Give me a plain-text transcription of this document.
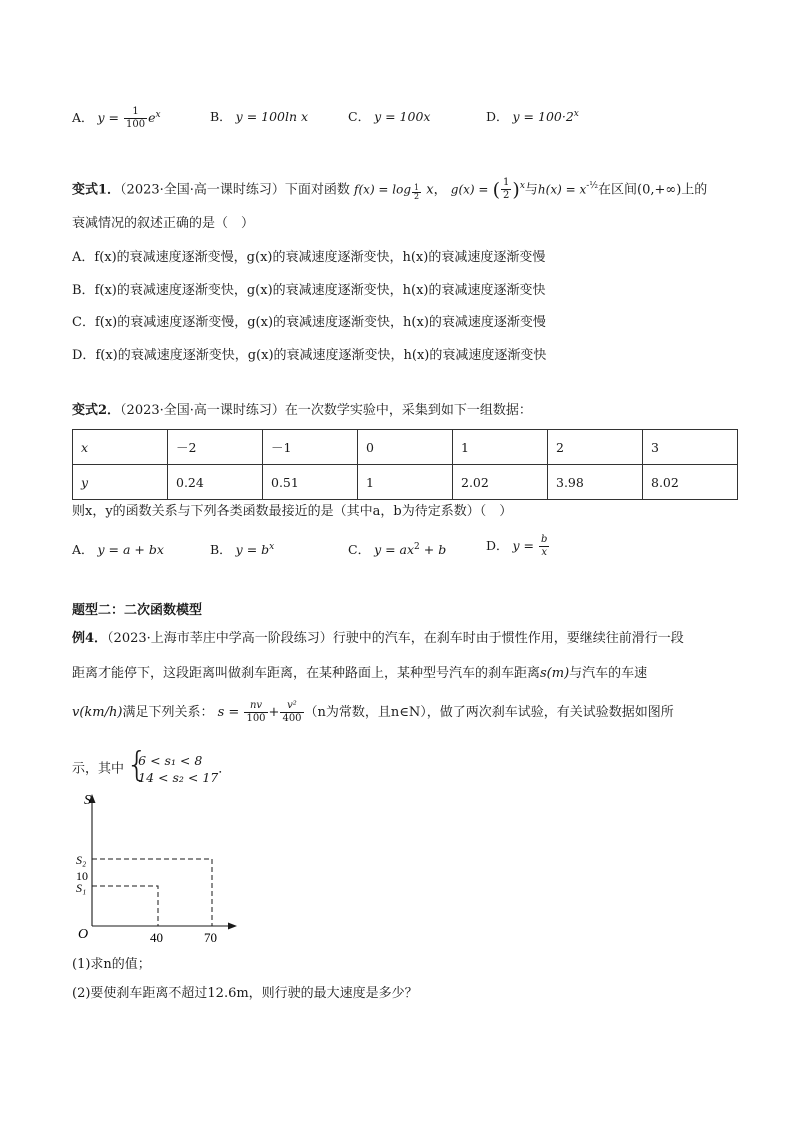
A． $y = \frac{1}{100} e^x$	B． y = 100ln x	C． y = 100x	D． $y = 100\cdot 2^x$
变式1．（2023·全国·高一课时练习）下面对函数 $f(x) = \log \frac{1}{2}$ x， g(x) = ( $\frac{1}{2} )^x$与$h(x) = x^{-\frac{1}{2}}$在区间(0,+∞)上的
衰减情况的叙述正确的是（　）
A．f(x)的衰减速度逐渐变慢，g(x)的衰减速度逐渐变快，h(x)的衰减速度逐渐变慢
B．f(x)的衰减速度逐渐变快，g(x)的衰减速度逐渐变快，h(x)的衰减速度逐渐变快
C．f(x)的衰减速度逐渐变慢，g(x)的衰减速度逐渐变快，h(x)的衰减速度逐渐变慢
D．f(x)的衰减速度逐渐变快，g(x)的衰减速度逐渐变快，h(x)的衰减速度逐渐变快
变式2．（2023·全国·高一课时练习）在一次数学实验中，采集到如下一组数据：
x	－2	－1	0	1	2	3
y	0.24	0.51	1	2.02	3.98	8.02
则x，y的函数关系与下列各类函数最接近的是（其中a，b为待定系数）（　）
A． y = a + bx	B． $y = b^x$	C． $y = ax^2 + b$	D． $y = \frac{b}{x}$
题型二：二次函数模型
例4．（2023·上海市莘庄中学高一阶段练习）行驶中的汽车，在刹车时由于惯性作用，要继续往前滑行一段
距离才能停下，这段距离叫做刹车距离，在某种路面上，某种型号汽车的刹车距离s(m)与汽车的车速
v(km/h)满足下列关系： $s = \frac{nv}{100} + \frac{\text{v²}}{400} (n$为常数，且n∈N），做了两次刹车试验，有关试验数据如图所
示，其中
{ 6 < s₁ < 8
14 < s₂ < 17
．
S
O
S₂
10
S₁
40	70
(1)求n的值；
(2)要使刹车距离不超过12.6m，则行驶的最大速度是多少？
